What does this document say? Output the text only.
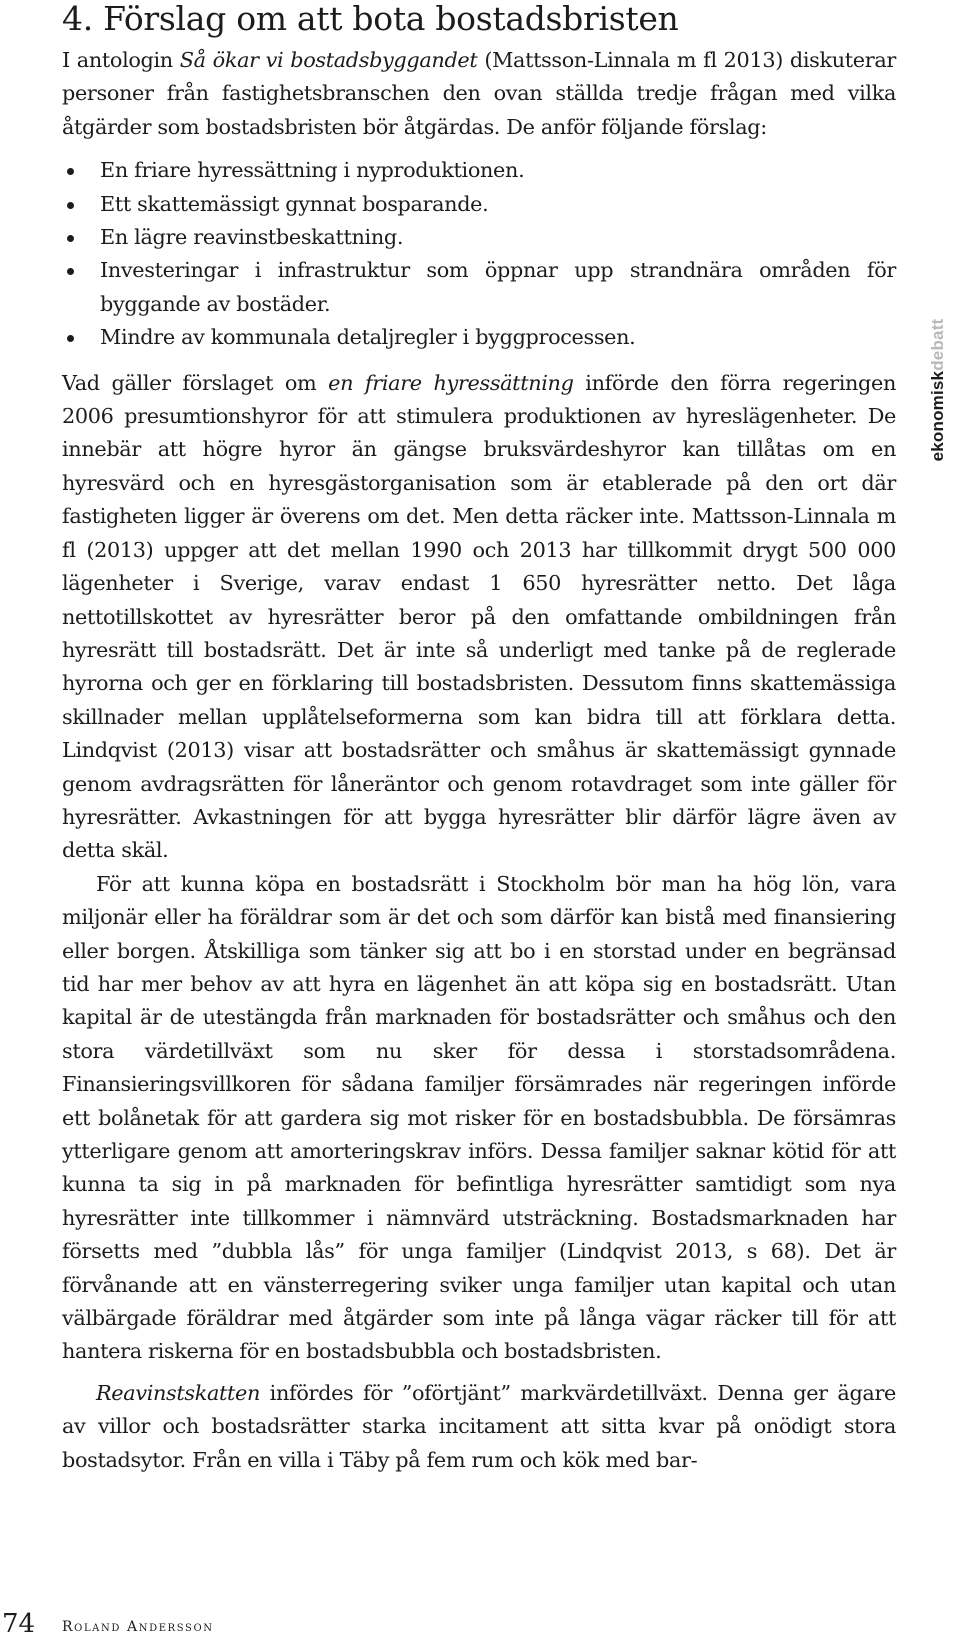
4. Förslag om att bota bostadsbristen

I antologin Så ökar vi bostadsbyggandet (Mattsson-Linnala m fl 2013) diskuterar personer från fastighetsbranschen den ovan ställda tredje frågan med vilka åtgärder som bostadsbristen bör åtgärdas. De anför följande förslag:

En friare hyressättning i nyproduktionen.
Ett skattemässigt gynnat bosparande.
En lägre reavinstbeskattning.
Investeringar i infrastruktur som öppnar upp strandnära områden för byggande av bostäder.
Mindre av kommunala detaljregler i byggprocessen.

Vad gäller förslaget om en friare hyressättning införde den förra regeringen 2006 presumtionshyror för att stimulera produktionen av hyreslägenheter. De innebär att högre hyror än gängse bruksvärdeshyror kan tillåtas om en hyresvärd och en hyresgästorganisation som är etablerade på den ort där fastigheten ligger är överens om det. Men detta räcker inte. Mattsson-Linnala m fl (2013) uppger att det mellan 1990 och 2013 har tillkommit drygt 500 000 lägenheter i Sverige, varav endast 1 650 hyresrätter netto. Det låga nettotillskottet av hyresrätter beror på den omfattande ombildningen från hyresrätt till bostadsrätt. Det är inte så underligt med tanke på de reglerade hyrorna och ger en förklaring till bostadsbristen. Dessutom finns skattemässiga skillnader mellan upplåtelseformerna som kan bidra till att förklara detta. Lindqvist (2013) visar att bostadsrätter och småhus är skattemässigt gynnade genom avdragsrätten för låneräntor och genom rotavdraget som inte gäller för hyresrätter. Avkastningen för att bygga hyresrätter blir därför lägre även av detta skäl.

För att kunna köpa en bostadsrätt i Stockholm bör man ha hög lön, vara miljonär eller ha föräldrar som är det och som därför kan bistå med finansiering eller borgen. Åtskilliga som tänker sig att bo i en storstad under en begränsad tid har mer behov av att hyra en lägenhet än att köpa sig en bostadsrätt. Utan kapital är de utestängda från marknaden för bostadsrätter och småhus och den stora värdetillväxt som nu sker för dessa i storstadsområdena. Finansieringsvillkoren för sådana familjer försämrades när regeringen införde ett bolånetak för att gardera sig mot risker för en bostadsbubbla. De försämras ytterligare genom att amorteringskrav införs. Dessa familjer saknar kötid för att kunna ta sig in på marknaden för befintliga hyresrätter samtidigt som nya hyresrätter inte tillkommer i nämnvärd utsträckning. Bostadsmarknaden har försetts med ”dubbla lås” för unga familjer (Lindqvist 2013, s 68). Det är förvånande att en vänsterregering sviker unga familjer utan kapital och utan välbärgade föräldrar med åtgärder som inte på långa vägar räcker till för att hantera riskerna för en bostadsbubbla och bostadsbristen.

Reavinstskatten infördes för ”oförtjänt” markvärdetillväxt. Denna ger ägare av villor och bostadsrätter starka incitament att sitta kvar på onödigt stora bostadsytor. Från en villa i Täby på fem rum och kök med bar-

ekonomiskdebatt
74 Roland Andersson
